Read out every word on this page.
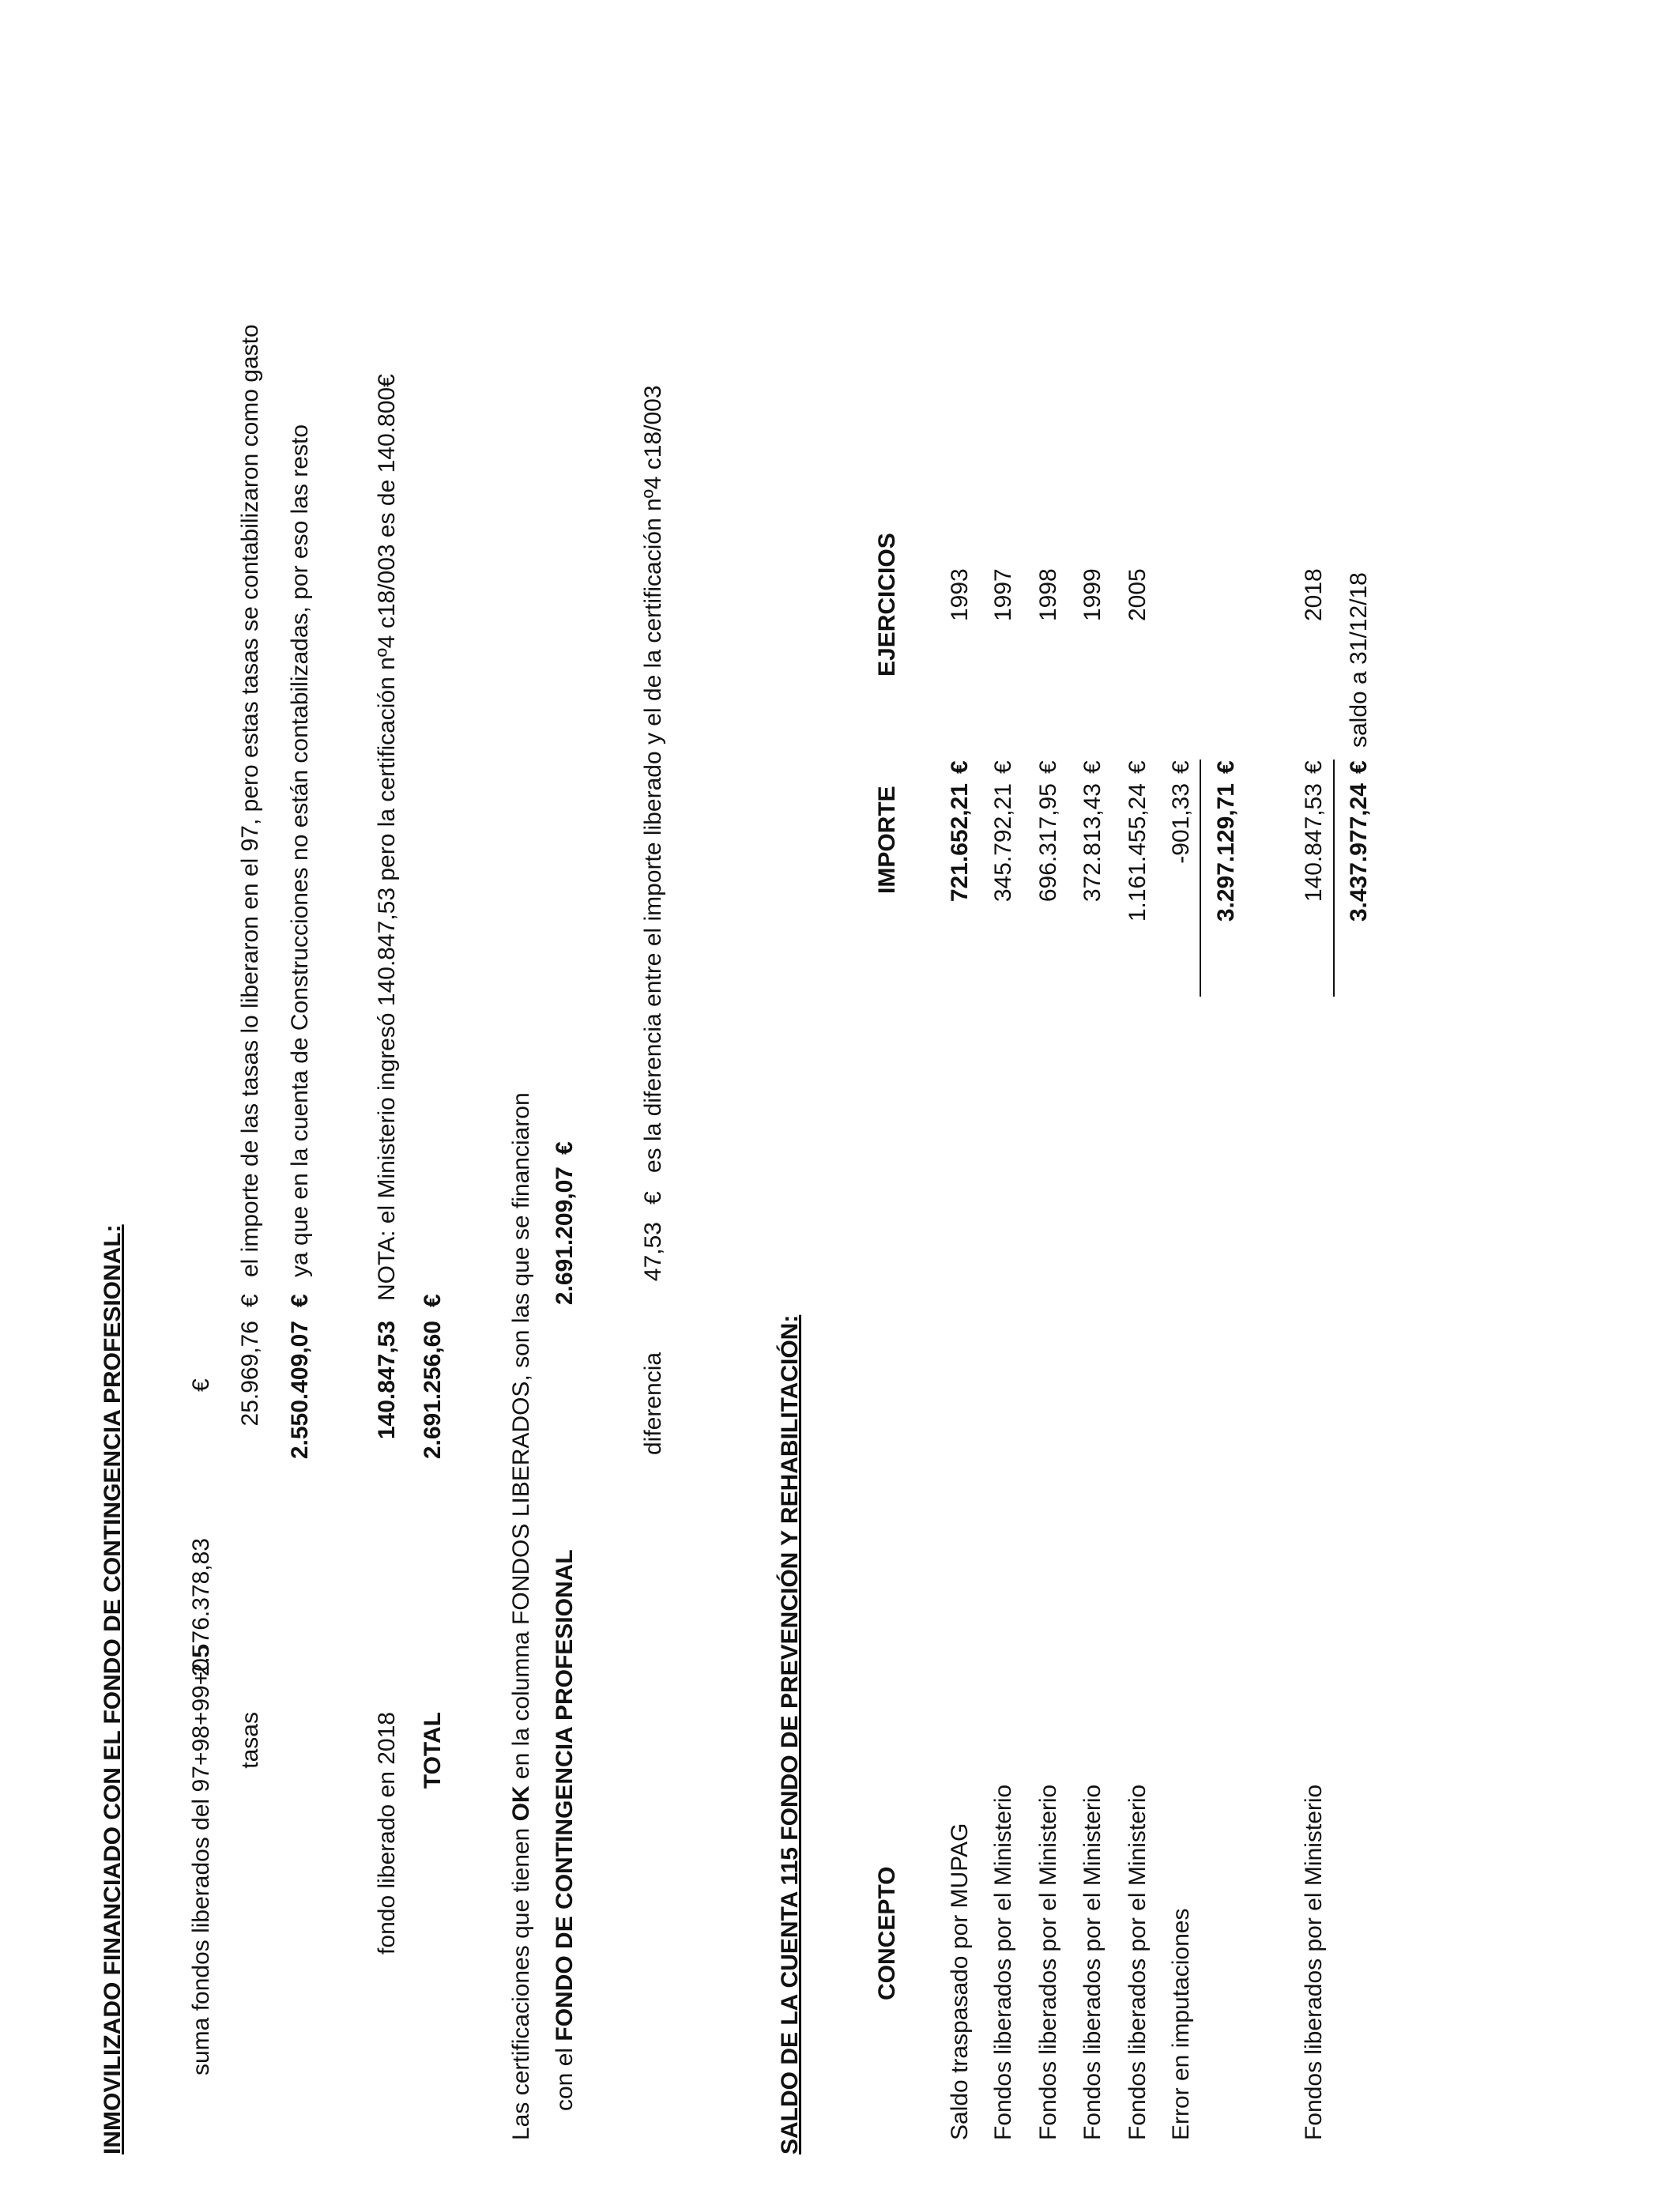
INMOVILIZADO FINANCIADO CON EL FONDO DE CONTINGENCIA PROFESIONAL:	suma fondos liberados del 97+98+99+05
2.576.378,83
€
tasas
25.969,76
€
el importe de las tasas lo liberaron en el 97, pero estas tasas se contabilizaron como gasto
2.550.409,07
€
ya que en la cuenta de Construcciones no están contabilizadas, por eso las resto
fondo liberado en 2018
140.847,53
NOTA: el Ministerio ingresó 140.847,53 pero la certificación nº4 c18/003 es de 140.800€
TOTAL
2.691.256,60
€
Las certificaciones que tienen OK en la columna FONDOS LIBERADOS, son las que se financiaron
con el FONDO DE CONTINGENCIA PROFESIONAL
2.691.209,07
€
diferencia
47,53
€
es la diferencia entre el importe liberado y el de la certificación nº4 c18/003
SALDO DE LA CUENTA 115 FONDO DE PREVENCIÓN Y REHABILITACIÓN:	CONCEPTO
IMPORTE
EJERCICIOS
Saldo traspasado por MUPAG
721.652,21
€
1993
Fondos liberados por el Ministerio
345.792,21
€
1997
Fondos liberados por el Ministerio
696.317,95
€
1998
Fondos liberados por el Ministerio
372.813,43
€
1999
Fondos liberados por el Ministerio
1.161.455,24
€
2005
Error en imputaciones
-901,33
€
3.297.129,71
€
Fondos liberados por el Ministerio
140.847,53
€
2018
3.437.977,24
€
saldo a 31/12/18
